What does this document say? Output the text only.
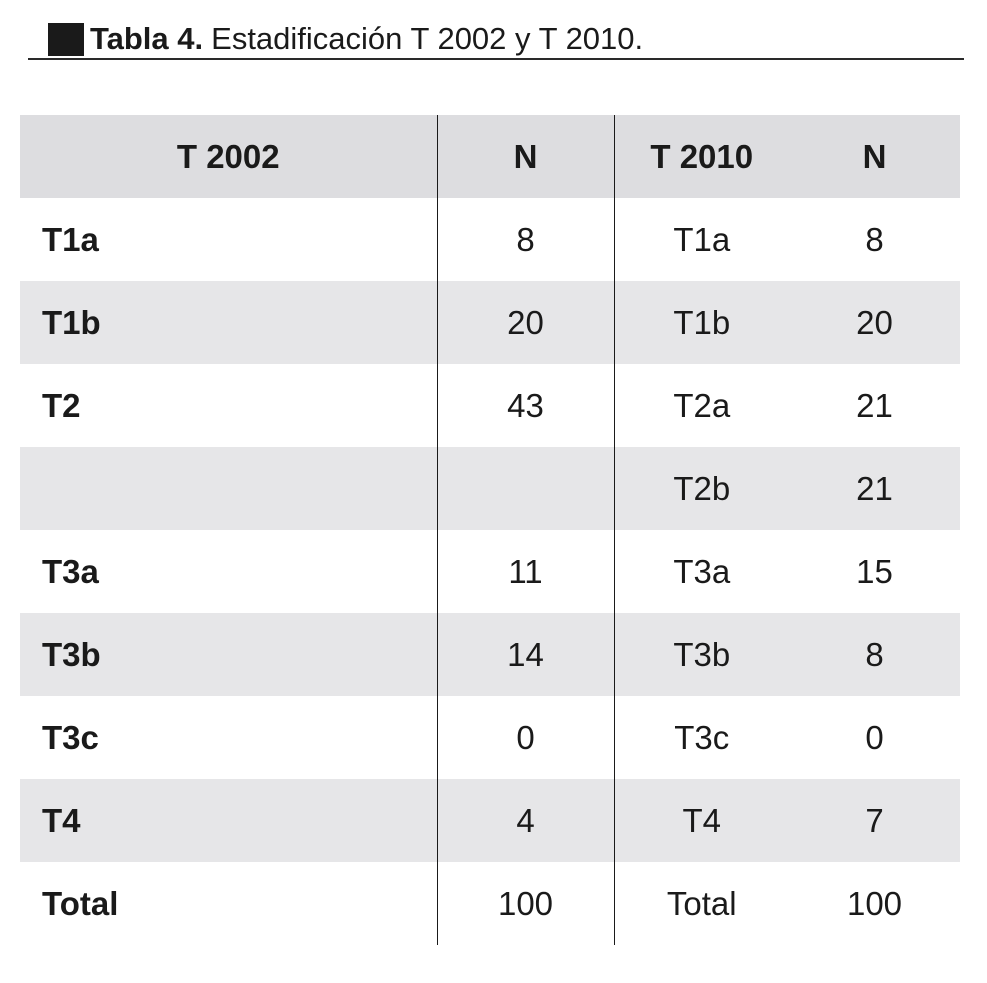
Tabla 4. Estadificación T 2002 y T 2010.
T 2002	N	T 2010	N
T1a	8	T1a	8
T1b	20	T1b	20
T2	43	T2a	21
		T2b	21
T3a	11	T3a	15
T3b	14	T3b	8
T3c	0	T3c	0
T4	4	T4	7
Total	100	Total	100
